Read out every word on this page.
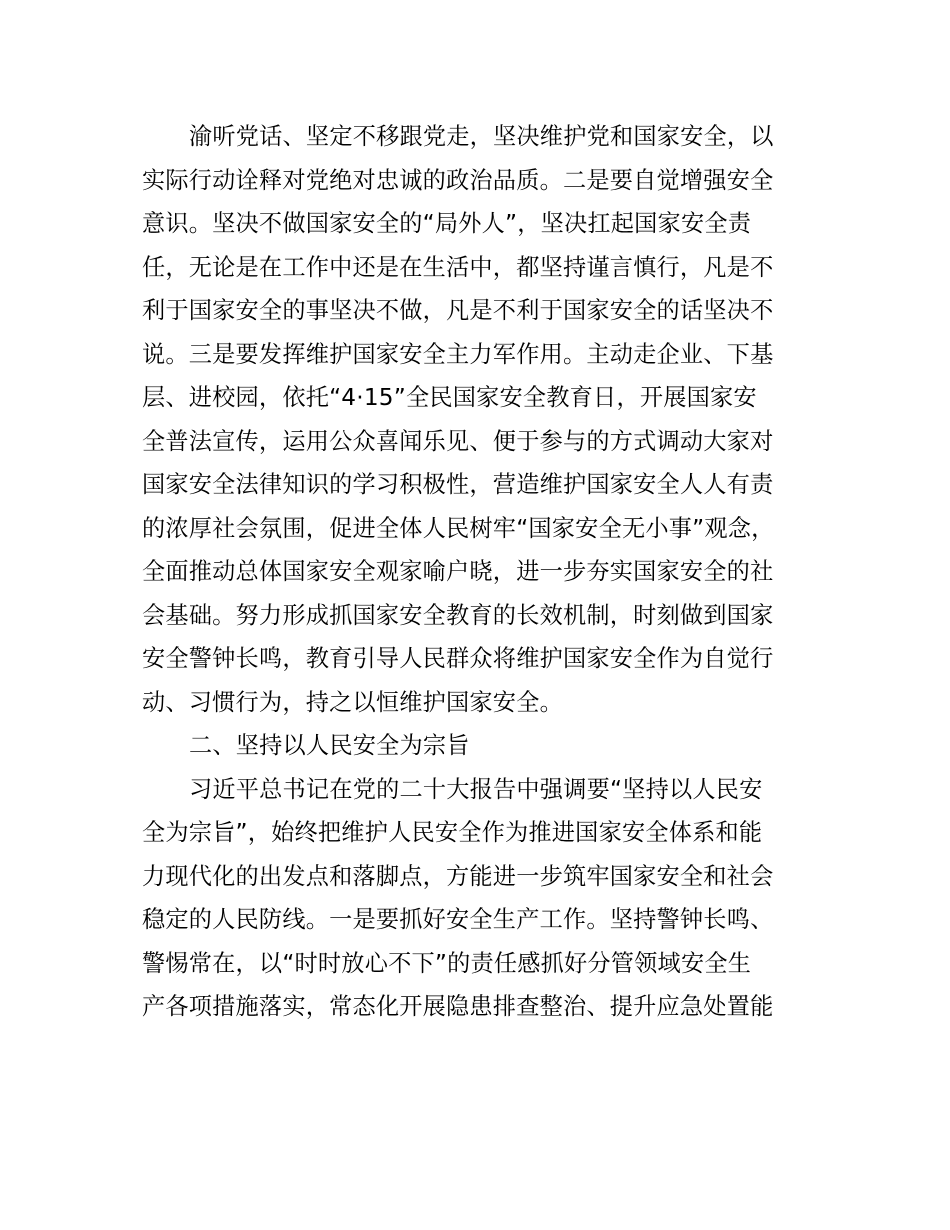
渝听党话、坚定不移跟党走，坚决维护党和国家安全，以
实际行动诠释对党绝对忠诚的政治品质。二是要自觉增强安全
意识。坚决不做国家安全的“局外人”，坚决扛起国家安全责
任，无论是在工作中还是在生活中，都坚持谨言慎行，凡是不
利于国家安全的事坚决不做，凡是不利于国家安全的话坚决不
说。三是要发挥维护国家安全主力军作用。主动走企业、下基
层、进校园，依托“4·15”全民国家安全教育日，开展国家安
全普法宣传，运用公众喜闻乐见、便于参与的方式调动大家对
国家安全法律知识的学习积极性，营造维护国家安全人人有责
的浓厚社会氛围，促进全体人民树牢“国家安全无小事”观念，
全面推动总体国家安全观家喻户晓，进一步夯实国家安全的社
会基础。努力形成抓国家安全教育的长效机制，时刻做到国家
安全警钟长鸣，教育引导人民群众将维护国家安全作为自觉行
动、习惯行为，持之以恒维护国家安全。

二、坚持以人民安全为宗旨

习近平总书记在党的二十大报告中强调要“坚持以人民安
全为宗旨”，始终把维护人民安全作为推进国家安全体系和能
力现代化的出发点和落脚点，方能进一步筑牢国家安全和社会
稳定的人民防线。一是要抓好安全生产工作。坚持警钟长鸣、
警惕常在，以“时时放心不下”的责任感抓好分管领域安全生
产各项措施落实，常态化开展隐患排查整治、提升应急处置能
